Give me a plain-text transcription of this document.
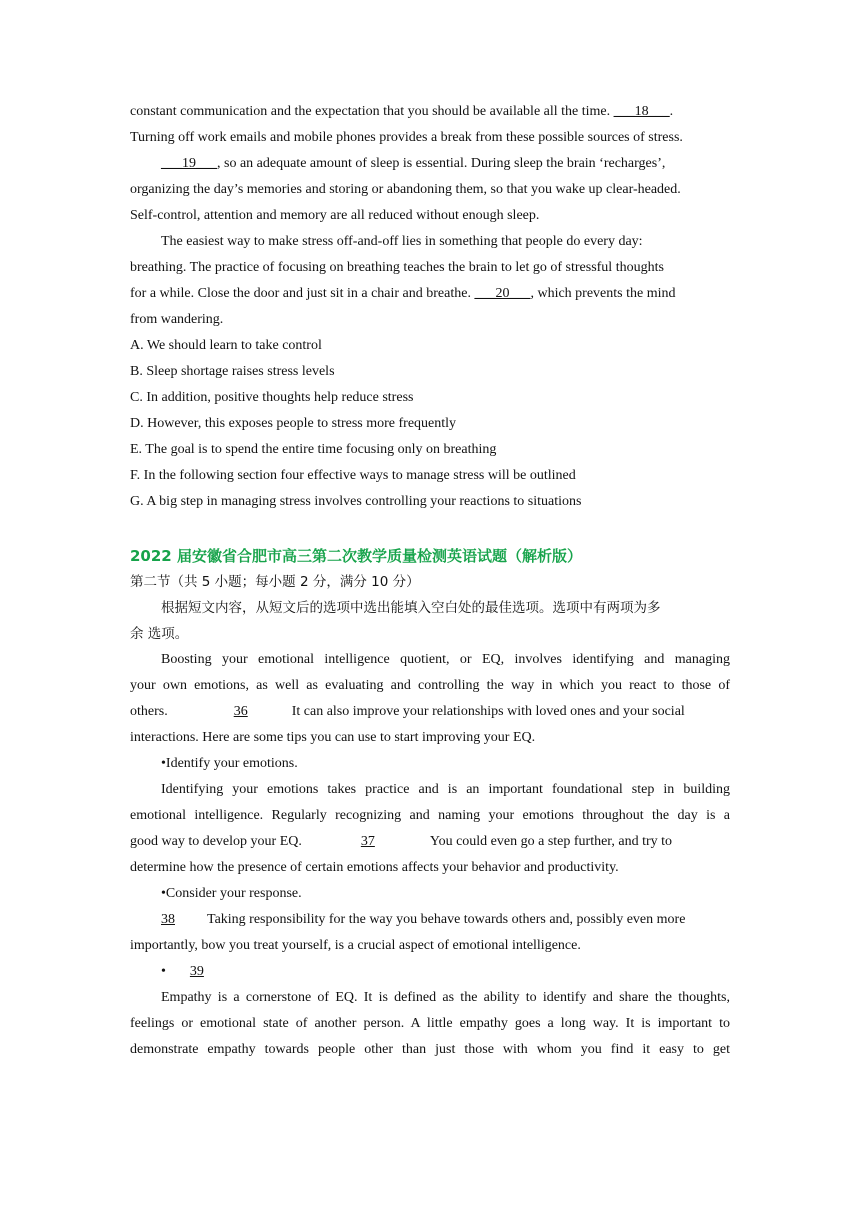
constant communication and the expectation that you should be available all the time. ___18___.
Turning off work emails and mobile phones provides a break from these possible sources of stress.
___19___, so an adequate amount of sleep is essential. During sleep the brain ‘recharges’,
organizing the day’s memories and storing or abandoning them, so that you wake up clear-headed.
Self-control, attention and memory are all reduced without enough sleep.
The easiest way to make stress off-and-off lies in something that people do every day:
breathing. The practice of focusing on breathing teaches the brain to let go of stressful thoughts
for a while. Close the door and just sit in a chair and breathe. ___20___, which prevents the mind
from wandering.
A. We should learn to take control
B. Sleep shortage raises stress levels
C. In addition, positive thoughts help reduce stress
D. However, this exposes people to stress more frequently
E. The goal is to spend the entire time focusing only on breathing
F. In the following section four effective ways to manage stress will be outlined
G. A big step in managing stress involves controlling your reactions to situations
2022 届安徽省合肥市高三第二次教学质量检测英语试题（解析版）
第二节（共 5 小题；每小题 2 分，满分 10 分）
根据短文内容，从短文后的选项中选出能填入空白处的最佳选项。选项中有两项为多
余 选项。
Boosting your emotional intelligence quotient, or EQ, involves identifying and managing
your own emotions, as well as evaluating and controlling the way in which you react to those of
others.	36	It can also improve your relationships with loved ones and your social
interactions. Here are some tips you can use to start improving your EQ.
•Identify your emotions.
Identifying your emotions takes practice and is an important foundational step in building
emotional intelligence. Regularly recognizing and naming your emotions throughout the day is a
good way to develop your EQ.	37	You could even go a step further, and try to
determine how the presence of certain emotions affects your behavior and productivity.
•Consider your response.
38 Taking responsibility for the way you behave towards others and, possibly even more
importantly, bow you treat yourself, is a crucial aspect of emotional intelligence.
• 39
Empathy is a cornerstone of EQ. It is defined as the ability to identify and share the thoughts,
feelings or emotional state of another person. A little empathy goes a long way. It is important to
demonstrate empathy towards people other than just those with whom you find it easy to get
